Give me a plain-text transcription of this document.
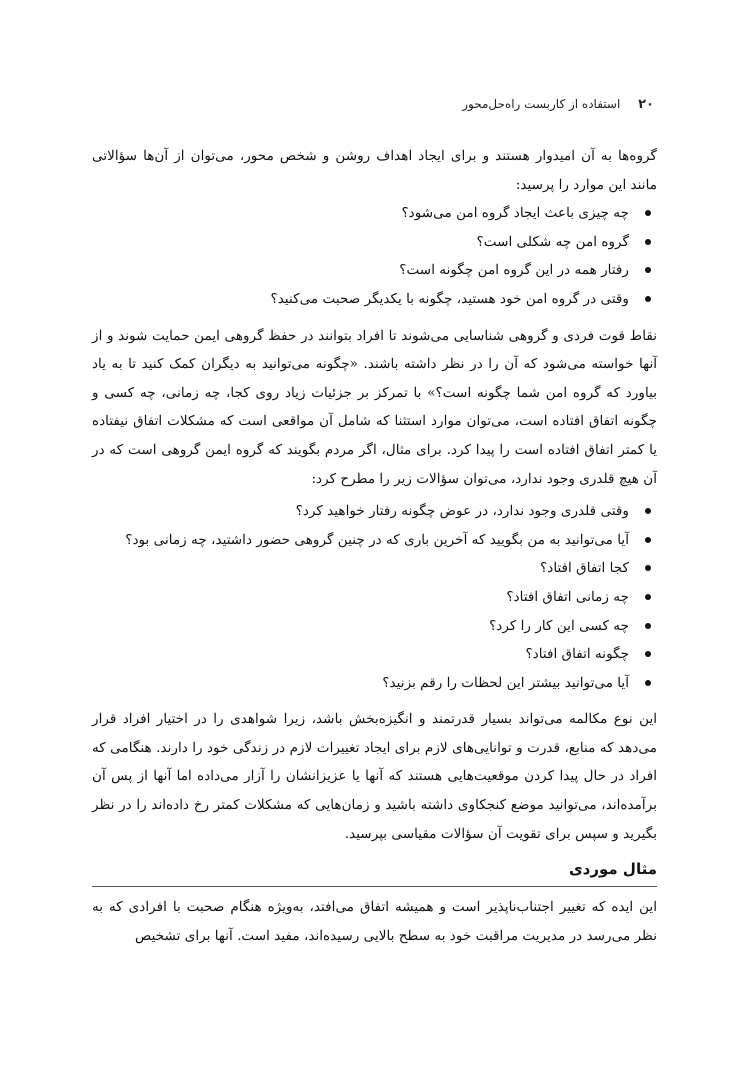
۲۰ استفاده از کاربست راه‌حل‌محور

گروه‌ها به آن امیدوار هستند و برای ایجاد اهداف روشن و شخص محور، می‌توان از آن‌ها سؤالاتی مانند این موارد را پرسید:

چه چیزی باعث ایجاد گروه امن می‌شود؟
گروه امن چه شکلی است؟
رفتار همه در این گروه امن چگونه است؟
وقتی در گروه امن خود هستید، چگونه با یکدیگر صحبت می‌کنید؟

نقاط قوت فردی و گروهی شناسایی می‌شوند تا افراد بتوانند در حفظ گروهی ایمن حمایت شوند و از آنها خواسته می‌شود که آن را در نظر داشته باشند. «چگونه می‌توانید به دیگران کمک کنید تا به یاد بیاورد که گروه امن شما چگونه است؟» با تمرکز بر جزئیات زیاد روی کجا، چه زمانی، چه کسی و چگونه اتفاق افتاده است، می‌توان موارد استثنا که شامل آن مواقعی است که مشکلات اتفاق نیفتاده یا کمتر اتفاق افتاده است را پیدا کرد. برای مثال، اگر مردم بگویند که گروه ایمن گروهی است که در آن هیچ قلدری وجود ندارد، می‌توان سؤالات زیر را مطرح کرد:

وقتی قلدری وجود ندارد، در عوض چگونه رفتار خواهید کرد؟
آیا می‌توانید به من بگویید که آخرین باری که در چنین گروهی حضور داشتید، چه زمانی بود؟
کجا اتفاق افتاد؟
چه زمانی اتفاق افتاد؟
چه کسی این کار را کرد؟
چگونه اتفاق افتاد؟
آیا می‌توانید بیشتر این لحظات را رقم بزنید؟

این نوع مکالمه می‌تواند بسیار قدرتمند و انگیزه‌بخش باشد، زیرا شواهدی را در اختیار افراد قرار می‌دهد که منابع، قدرت و توانایی‌های لازم برای ایجاد تغییرات لازم در زندگی خود را دارند. هنگامی که افراد در حال پیدا کردن موقعیت‌هایی هستند که آنها یا عزیزانشان را آزار می‌داده اما آنها از پس آن برآمده‌اند، می‌توانید موضع کنجکاوی داشته باشید و زمان‌هایی که مشکلات کمتر رخ داده‌اند را در نظر بگیرید و سپس برای تقویت آن سؤالات مقیاسی بپرسید.

مثال موردی

این ایده که تغییر اجتناب‌ناپذیر است و همیشه اتفاق می‌افتد، به‌ویژه هنگام صحبت با افرادی که به نظر می‌رسد در مدیریت مراقبت خود به سطح بالایی رسیده‌اند، مفید است. آنها برای تشخیص
